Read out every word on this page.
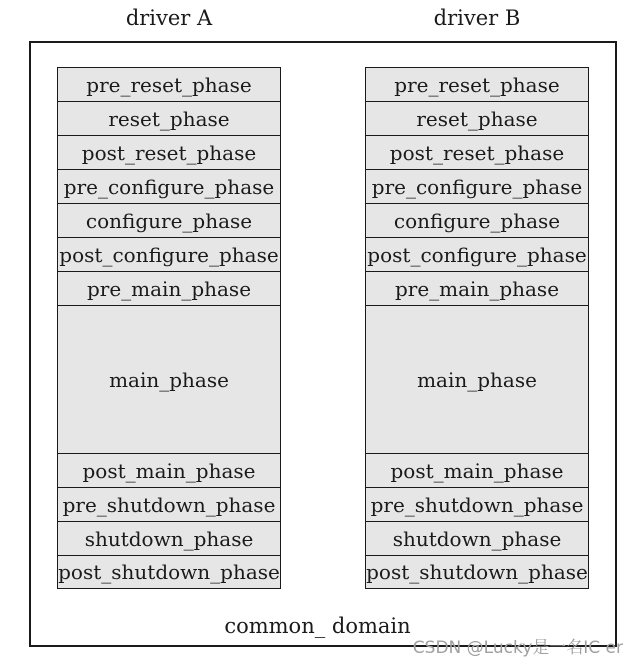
driver A	driver B
pre_reset_phase
reset_phase
post_reset_phase
pre_configure_phase
configure_phase
post_configure_phase
pre_main_phase
main_phase
post_main_phase
pre_shutdown_phase
shutdown_phase
post_shutdown_phase
pre_reset_phase
reset_phase
post_reset_phase
pre_configure_phase
configure_phase
post_configure_phase
pre_main_phase
main_phase
post_main_phase
pre_shutdown_phase
shutdown_phase
post_shutdown_phase
common_ domain
CSDN @Lucky是一名IC er
